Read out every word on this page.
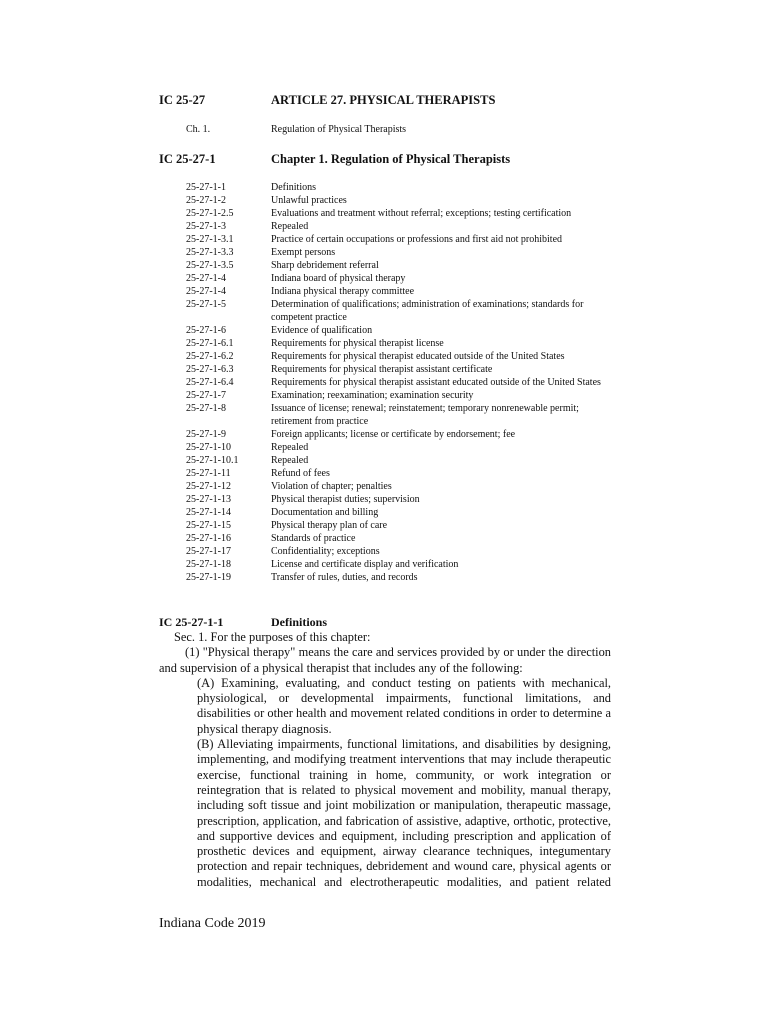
IC 25-27	ARTICLE 27. PHYSICAL THERAPISTS
Ch. 1.	Regulation of Physical Therapists
IC 25-27-1	Chapter 1. Regulation of Physical Therapists
25-27-1-1	Definitions
25-27-1-2	Unlawful practices
25-27-1-2.5	Evaluations and treatment without referral; exceptions; testing certification
25-27-1-3	Repealed
25-27-1-3.1	Practice of certain occupations or professions and first aid not prohibited
25-27-1-3.3	Exempt persons
25-27-1-3.5	Sharp debridement referral
25-27-1-4	Indiana board of physical therapy
25-27-1-4	Indiana physical therapy committee
25-27-1-5	Determination of qualifications; administration of examinations; standards for competent practice
25-27-1-6	Evidence of qualification
25-27-1-6.1	Requirements for physical therapist license
25-27-1-6.2	Requirements for physical therapist educated outside of the United States
25-27-1-6.3	Requirements for physical therapist assistant certificate
25-27-1-6.4	Requirements for physical therapist assistant educated outside of the United States
25-27-1-7	Examination; reexamination; examination security
25-27-1-8	Issuance of license; renewal; reinstatement; temporary nonrenewable permit; retirement from practice
25-27-1-9	Foreign applicants; license or certificate by endorsement; fee
25-27-1-10	Repealed
25-27-1-10.1	Repealed
25-27-1-11	Refund of fees
25-27-1-12	Violation of chapter; penalties
25-27-1-13	Physical therapist duties; supervision
25-27-1-14	Documentation and billing
25-27-1-15	Physical therapy plan of care
25-27-1-16	Standards of practice
25-27-1-17	Confidentiality; exceptions
25-27-1-18	License and certificate display and verification
25-27-1-19	Transfer of rules, duties, and records
IC 25-27-1-1	Definitions

Sec. 1. For the purposes of this chapter:

(1) "Physical therapy" means the care and services provided by or under the direction and supervision of a physical therapist that includes any of the following:

(A) Examining, evaluating, and conduct testing on patients with mechanical, physiological, or developmental impairments, functional limitations, and disabilities or other health and movement related conditions in order to determine a physical therapy diagnosis.

(B) Alleviating impairments, functional limitations, and disabilities by designing, implementing, and modifying treatment interventions that may include therapeutic exercise, functional training in home, community, or work integration or reintegration that is related to physical movement and mobility, manual therapy, including soft tissue and joint mobilization or manipulation, therapeutic massage, prescription, application, and fabrication of assistive, adaptive, orthotic, protective, and supportive devices and equipment, including prescription and application of prosthetic devices and equipment, airway clearance techniques, integumentary protection and repair techniques, debridement and wound care, physical agents or modalities, mechanical and electrotherapeutic modalities, and patient related

Indiana Code 2019
